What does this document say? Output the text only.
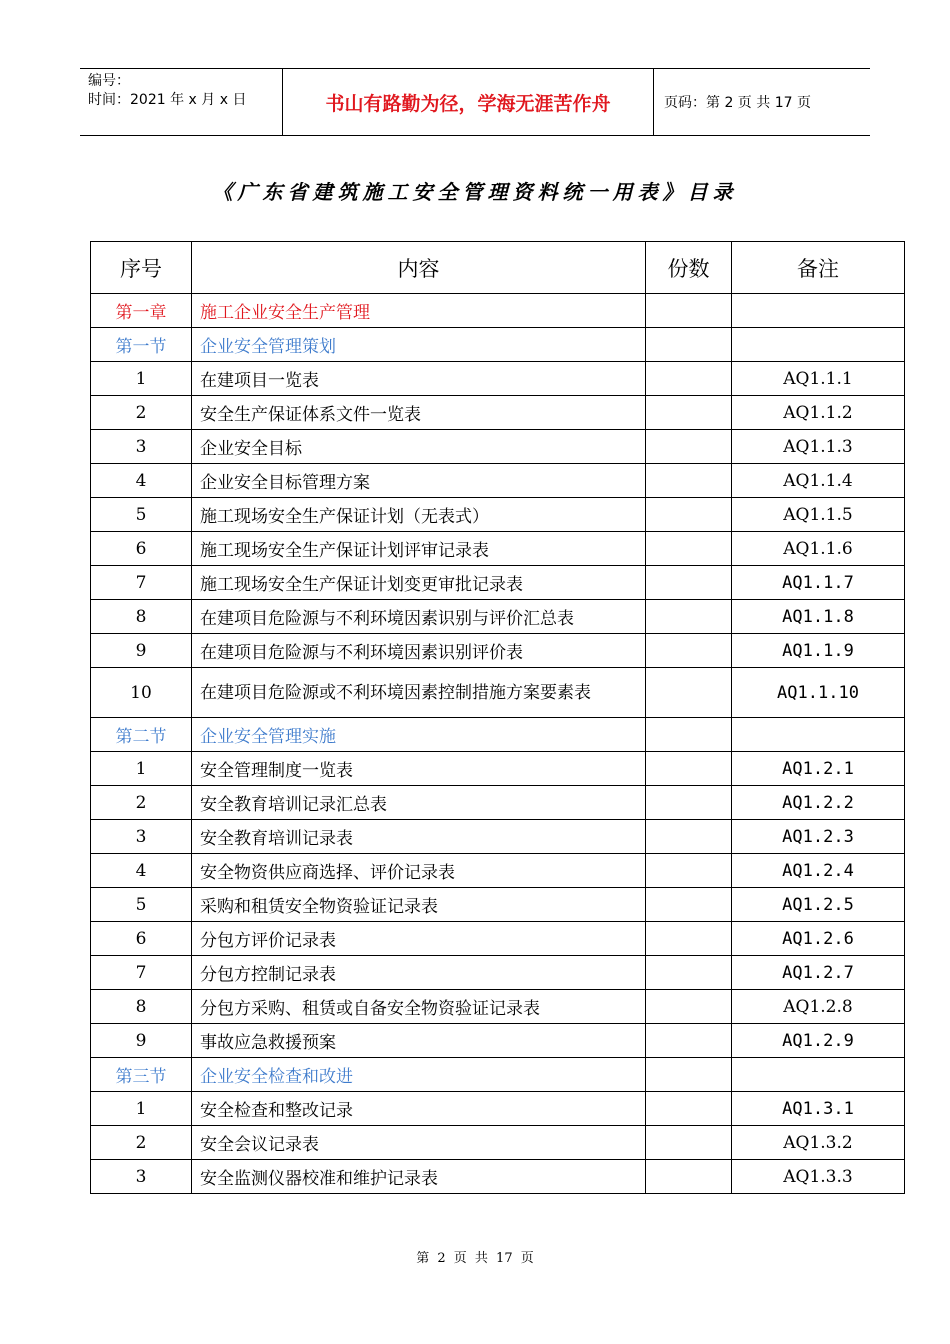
编号：
时间：2021 年 x 月 x 日	书山有路勤为径，学海无涯苦作舟	页码：第 2 页 共 17 页
《广东省建筑施工安全管理资料统一用表》目录
序号	内容	份数	备注
第一章	施工企业安全生产管理		
第一节	企业安全管理策划		
1	在建项目一览表		AQ1.1.1
2	安全生产保证体系文件一览表		AQ1.1.2
3	企业安全目标		AQ1.1.3
4	企业安全目标管理方案		AQ1.1.4
5	施工现场安全生产保证计划（无表式）		AQ1.1.5
6	施工现场安全生产保证计划评审记录表		AQ1.1.6
7	施工现场安全生产保证计划变更审批记录表		AQ1.1.7
8	在建项目危险源与不利环境因素识别与评价汇总表		AQ1.1.8
9	在建项目危险源与不利环境因素识别评价表		AQ1.1.9
10	在建项目危险源或不利环境因素控制措施方案要素表		AQ1.1.10
第二节	企业安全管理实施		
1	安全管理制度一览表		AQ1.2.1
2	安全教育培训记录汇总表		AQ1.2.2
3	安全教育培训记录表		AQ1.2.3
4	安全物资供应商选择、评价记录表		AQ1.2.4
5	采购和租赁安全物资验证记录表		AQ1.2.5
6	分包方评价记录表		AQ1.2.6
7	分包方控制记录表		AQ1.2.7
8	分包方采购、租赁或自备安全物资验证记录表		AQ1.2.8
9	事故应急救援预案		AQ1.2.9
第三节	企业安全检查和改进		
1	安全检查和整改记录		AQ1.3.1
2	安全会议记录表		AQ1.3.2
3	安全监测仪器校准和维护记录表		AQ1.3.3
第 2 页 共 17 页
